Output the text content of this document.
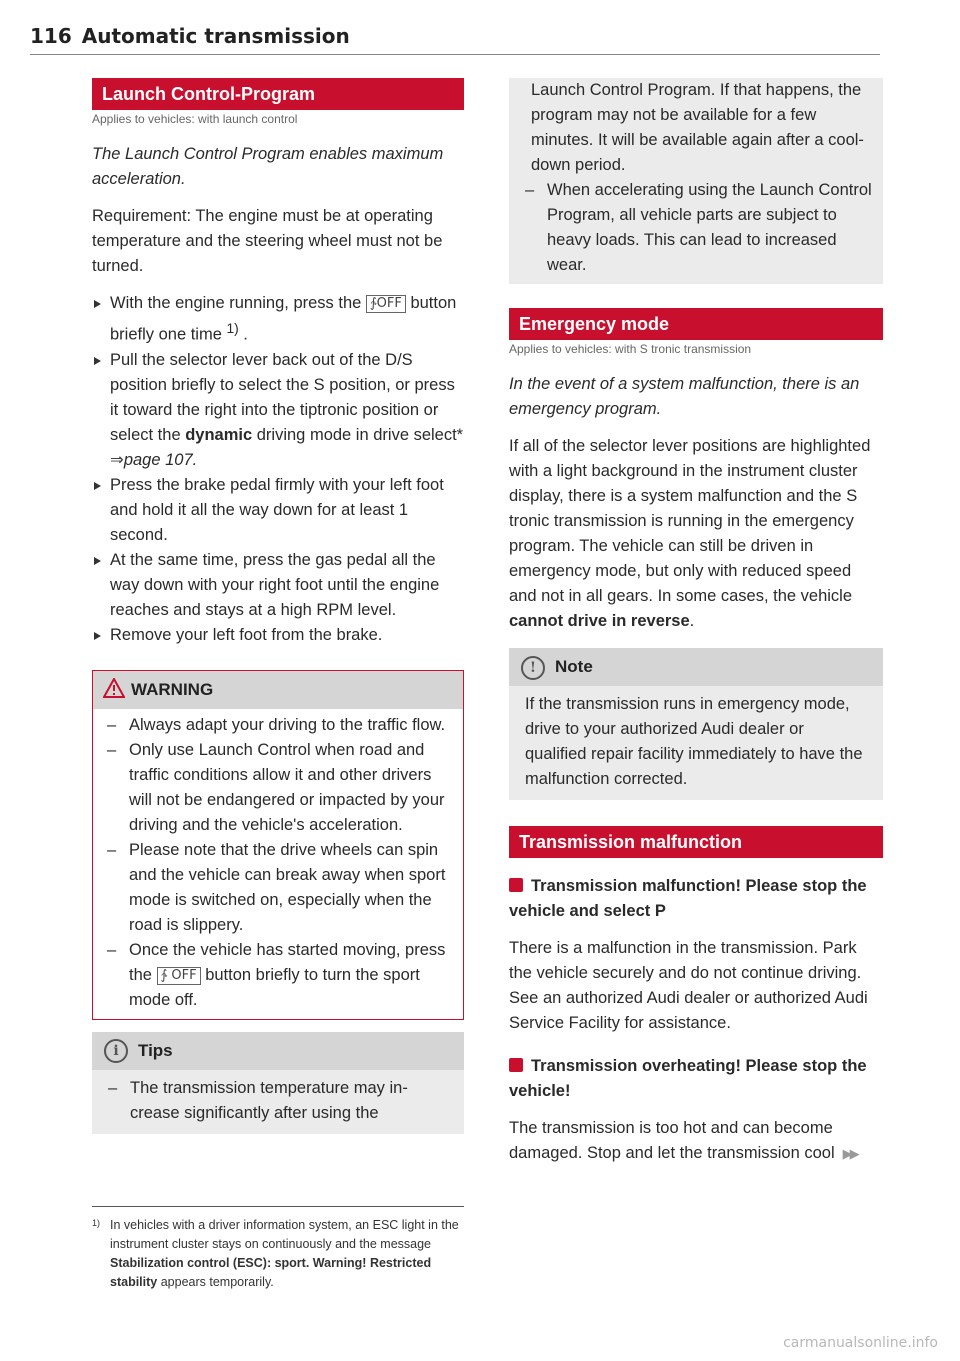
116 Automatic transmission
Launch Control-Program
Applies to vehicles: with launch control

The Launch Control Program enables maximum acceleration.

Requirement: The engine must be at operating temperature and the steering wheel must not be turned.

With the engine running, press the ∱OFF button briefly one time $^{1)}$ .
Pull the selector lever back out of the D/S position briefly to select the S position, or press it toward the right into the tiptronic position or select the dynamic driving mode in drive select* ⇒page 107.
Press the brake pedal firmly with your left foot and hold it all the way down for at least 1 second.
At the same time, press the gas pedal all the way down with your right foot until the engine reaches and stays at a high RPM level.
Remove your left foot from the brake.
WARNING
– Always adapt your driving to the traffic flow.
– Only use Launch Control when road and traffic conditions allow it and other drivers will not be endangered or impacted by your driving and the vehicle's acceleration.
– Please note that the drive wheels can spin and the vehicle can break away when sport mode is switched on, especially when the road is slippery.
– Once the vehicle has started moving, press the ∱ OFF button briefly to turn the sport mode off.
i Tips
– The transmission temperature may increase significantly after using the
1) In vehicles with a driver information system, an ESC light in the instrument cluster stays on continuously and the message Stabilization control (ESC): sport. Warning! Restricted stability appears temporarily.

Launch Control Program. If that happens, the program may not be available for a few minutes. It will be available again after a cool-down period.

– When accelerating using the Launch Control Program, all vehicle parts are subject to heavy loads. This can lead to increased wear.
Emergency mode
Applies to vehicles: with S tronic transmission

In the event of a system malfunction, there is an emergency program.

If all of the selector lever positions are highlighted with a light background in the instrument cluster display, there is a system malfunction and the S tronic transmission is running in the emergency program. The vehicle can still be driven in emergency mode, but only with reduced speed and not in all gears. In some cases, the vehicle cannot drive in reverse.

! Note

If the transmission runs in emergency mode, drive to your authorized Audi dealer or qualified repair facility immediately to have the malfunction corrected.

Transmission malfunction

Transmission malfunction! Please stop the vehicle and select P

There is a malfunction in the transmission. Park the vehicle securely and do not continue driving. See an authorized Audi dealer or authorized Audi Service Facility for assistance.

Transmission overheating! Please stop the vehicle!

The transmission is too hot and can become damaged. Stop and let the transmission cool ▶▶

carmanualsonline.info
